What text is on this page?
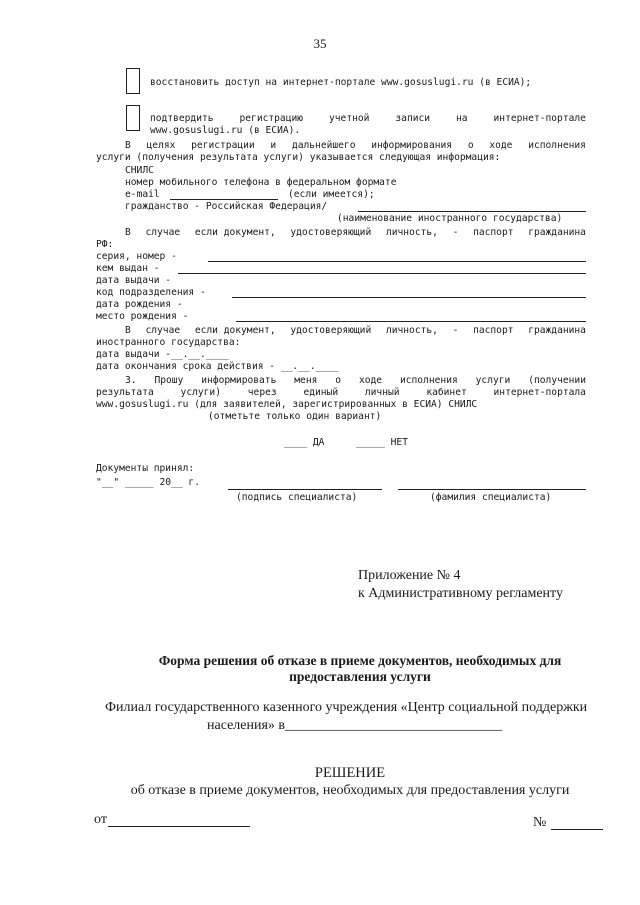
35
восстановить доступ на интернет-портале www.gosuslugi.ru (в ЕСИА);
подтвердить	регистрацию	учетной	записи	на	интернет-портале
www.gosuslugi.ru (в ЕСИА).
В целях регистрации и дальнейшего информирования о ходе исполнения
услуги (получения результата услуги) указывается следующая информация:
СНИЛС
номер мобильного телефона в федеральном формате
e-mail	(если имеется);
гражданство - Российская Федерация/
(наименование иностранного государства)
В случае если документ, удостоверяющий личность, - паспорт гражданина
РФ:
серия, номер -
кем выдан -
дата выдачи -
код подразделения -
дата рождения -
место рождения -
В случае если документ, удостоверяющий личность, - паспорт гражданина
иностранного государства:
дата выдачи -__.__.____
дата окончания срока действия - __.__.____
3. Прошу информировать меня о ходе исполнения услуги (получении
результата	услуги)	через	единый	личный	кабинет	интернет-портала
www.gosuslugi.ru (для заявителей, зарегистрированных в ЕСИА) СНИЛС
(отметьте только один вариант)
____ ДА	_____ НЕТ
Документы принял:
"__" _____ 20__ г.
(подпись специалиста)	(фамилия специалиста)
Приложение № 4
к Административному регламенту
Форма решения об отказе в приеме документов, необходимых для
предоставления услуги
Филиал государственного казенного учреждения «Центр социальной поддержки
населения» в_______________________________
РЕШЕНИЕ
об отказе в приеме документов, необходимых для предоставления услуги
от	№
